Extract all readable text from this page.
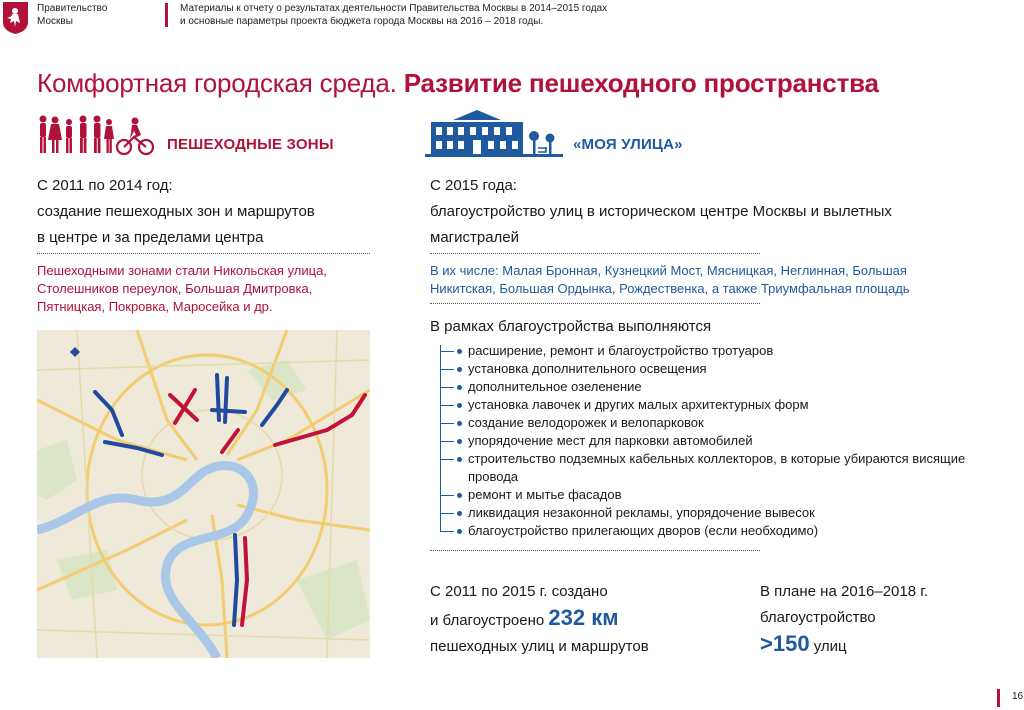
Правительство
Москвы
Материалы к отчету о результатах деятельности Правительства Москвы в 2014–2015 годах
и основные параметры проекта бюджета города Москвы на 2016 – 2018 годы.
Комфортная городская среда. Развитие пешеходного пространства
ПЕШЕХОДНЫЕ ЗОНЫ	«МОЯ УЛИЦА»
С 2011 по 2014 год:
создание пешеходных зон и маршрутов
в центре и за пределами центра
Пешеходными зонами стали Никольская улица,
Столешников переулок, Большая Дмитровка,
Пятницкая, Покровка, Маросейка и др.
С 2015 года:
благоустройство улиц в историческом центре Москвы и вылетных
магистралей
В их числе: Малая Бронная, Кузнецкий Мост, Мясницкая, Неглинная, Большая
Никитская, Большая Ордынка, Рождественка, а также Триумфальная площадь
В рамках благоустройства выполняются
расширение, ремонт и благоустройство тротуаров
установка дополнительного освещения
дополнительное озеленение
установка лавочек и других малых архитектурных форм
создание велодорожек и велопарковок
упорядочение мест для парковки автомобилей
строительство подземных кабельных коллекторов, в которые убираются висящие провода
ремонт и мытье фасадов
ликвидация незаконной рекламы, упорядочение вывесок
благоустройство прилегающих дворов (если необходимо)
С 2011 по 2015 г. создано
и благоустроено 232 км
пешеходных улиц и маршрутов
В плане на 2016–2018 г.
благоустройство
>150 улиц
16
